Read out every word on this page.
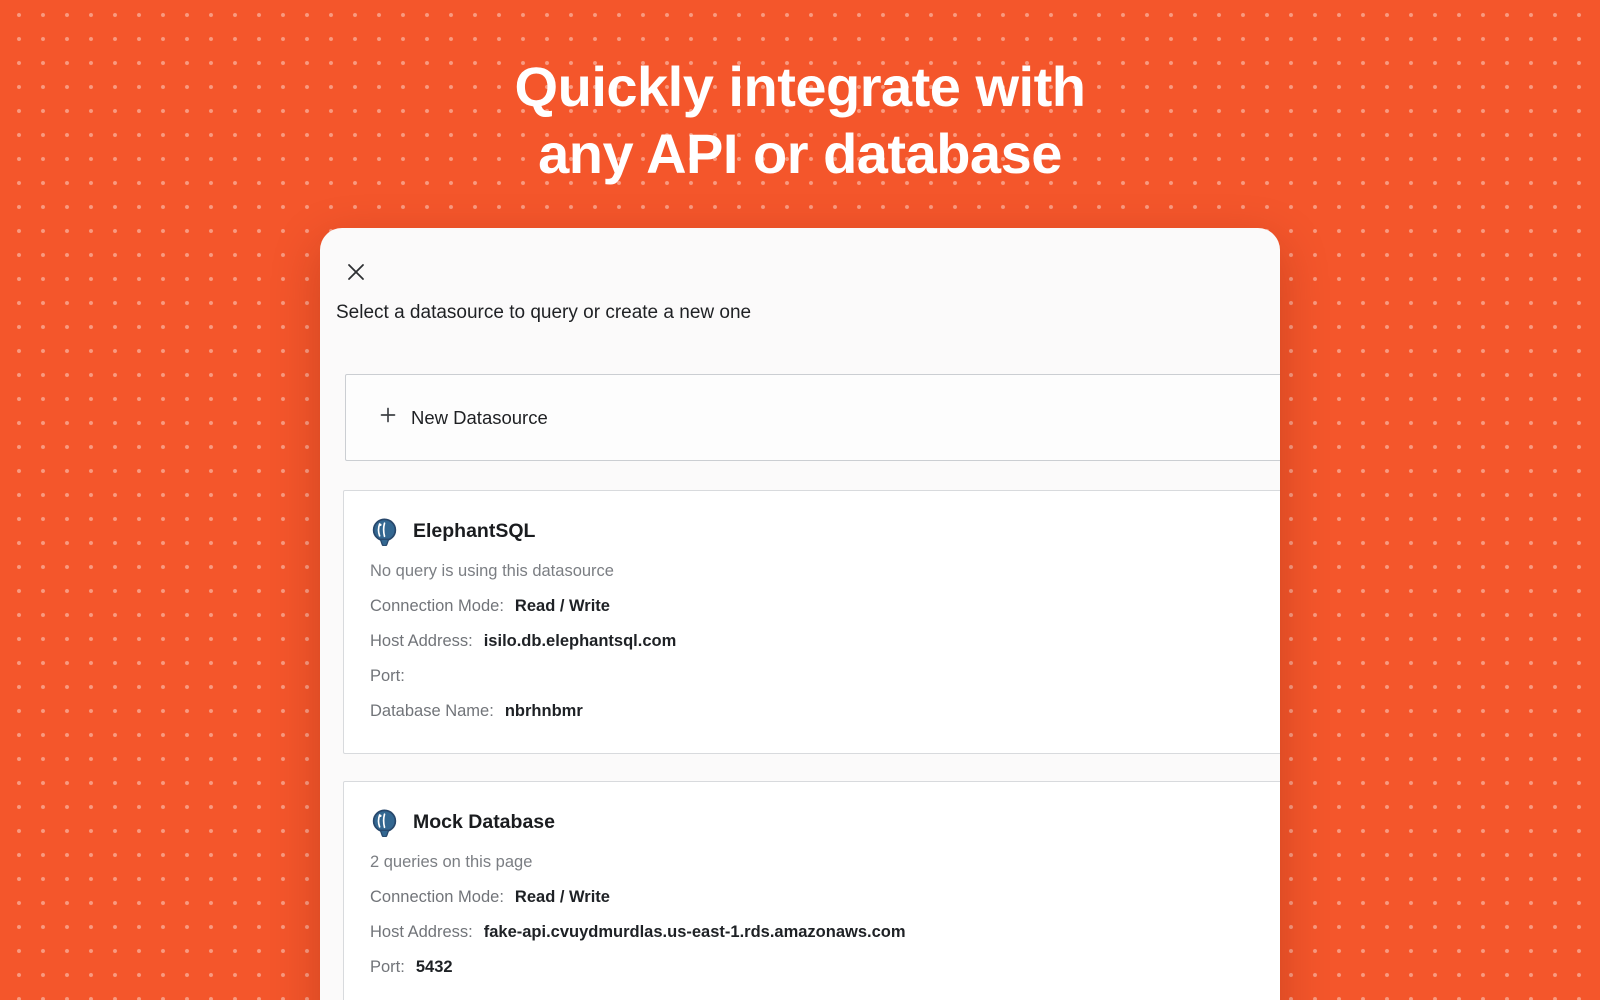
Quickly integrate with
any API or database
Select a datasource to query or create a new one
New Datasource
ElephantSQL
No query is using this datasource
Connection Mode: Read / Write
Host Address: isilo.db.elephantsql.com
Port:
Database Name: nbrhnbmr
Mock Database
2 queries on this page
Connection Mode: Read / Write
Host Address: fake-api.cvuydmurdlas.us-east-1.rds.amazonaws.com
Port: 5432
